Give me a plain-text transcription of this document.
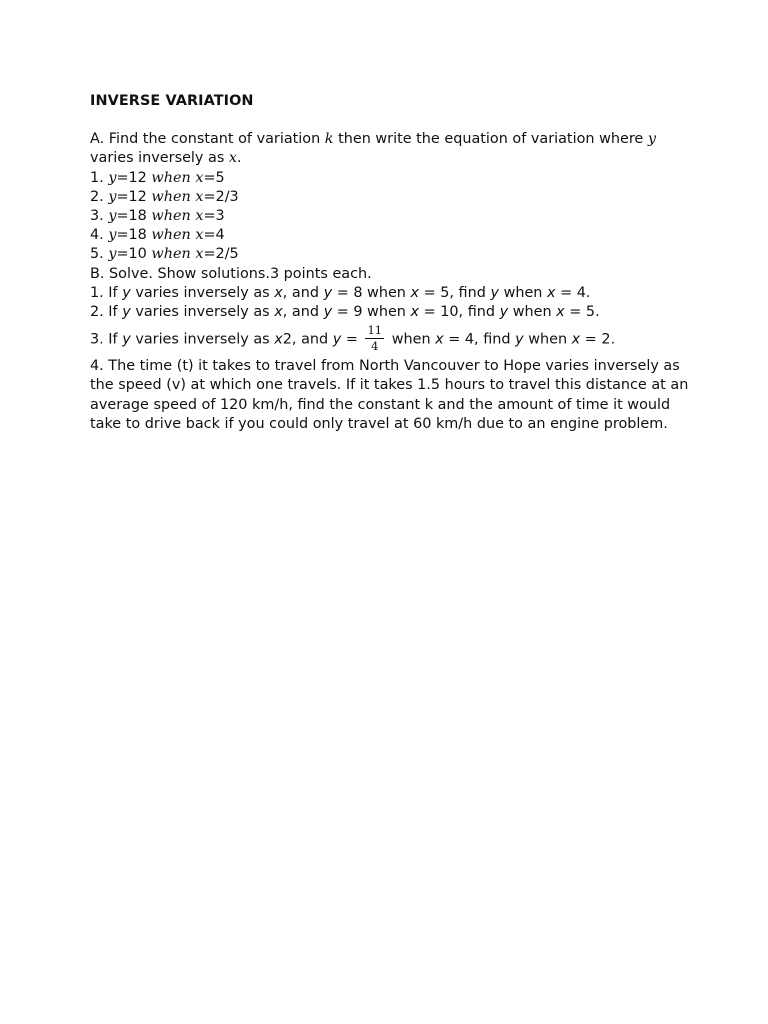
INVERSE VARIATION

A. Find the constant of variation k then write the equation of variation where y varies inversely as x.

1. y=12 when x=5

2. y=12 when x=2/3

3. y=18 when x=3

4. y=18 when x=4

5. y=10 when x=2/5

B. Solve. Show solutions.3 points each.

1. If y varies inversely as x, and y = 8 when x = 5, find y when x = 4.

2. If y varies inversely as x, and y = 9 when x = 10, find y when x = 5.

3. If y varies inversely as x2, and $y = \frac{11}{4}$ when x = 4, find y when x = 2.

4. The time (t) it takes to travel from North Vancouver to Hope varies inversely as the speed (v) at which one travels. If it takes 1.5 hours to travel this distance at an average speed of 120 km/h, find the constant k and the amount of time it would take to drive back if you could only travel at 60 km/h due to an engine problem.
